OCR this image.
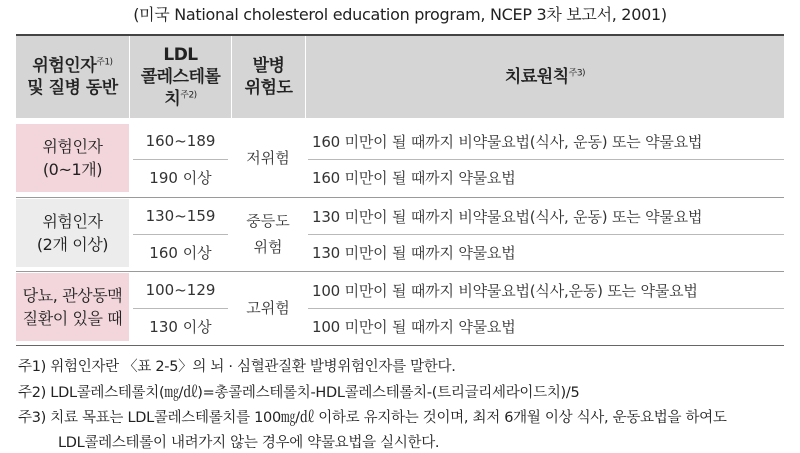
(미국 National cholesterol education program, NCEP 3차 보고서, 2001)
위험인자$^{주1)}$
및 질병 동반
LDL
콜레스테롤
치$^{주2)}$
발병
위험도
치료원칙$^{주3)}$
위험인자
(0~1개)
160~189
190 이상
저위험
160 미만이 될 때까지 비약물요법(식사, 운동) 또는 약물요법
160 미만이 될 때까지 약물요법
위험인자
(2개 이상)
130~159
160 이상
중등도
위험
130 미만이 될 때까지 비약물요법(식사, 운동) 또는 약물요법
130 미만이 될 때까지 약물요법
당뇨, 관상동맥
질환이 있을 때
100~129
130 이상
고위험
100 미만이 될 때까지 비약물요법(식사,운동) 또는 약물요법
100 미만이 될 때까지 약물요법
주1) 위험인자란 〈표 2-5〉의 뇌 · 심혈관질환 발병위험인자를 말한다.
주2) LDL콜레스테롤치(㎎/㎗)=총콜레스테롤치-HDL콜레스테롤치-(트리글리세라이드치)/5
주3) 치료 목표는 LDL콜레스테롤치를 100㎎/㎗ 이하로 유지하는 것이며, 최저 6개월 이상 식사, 운동요법을 하여도
LDL콜레스테롤이 내려가지 않는 경우에 약물요법을 실시한다.
